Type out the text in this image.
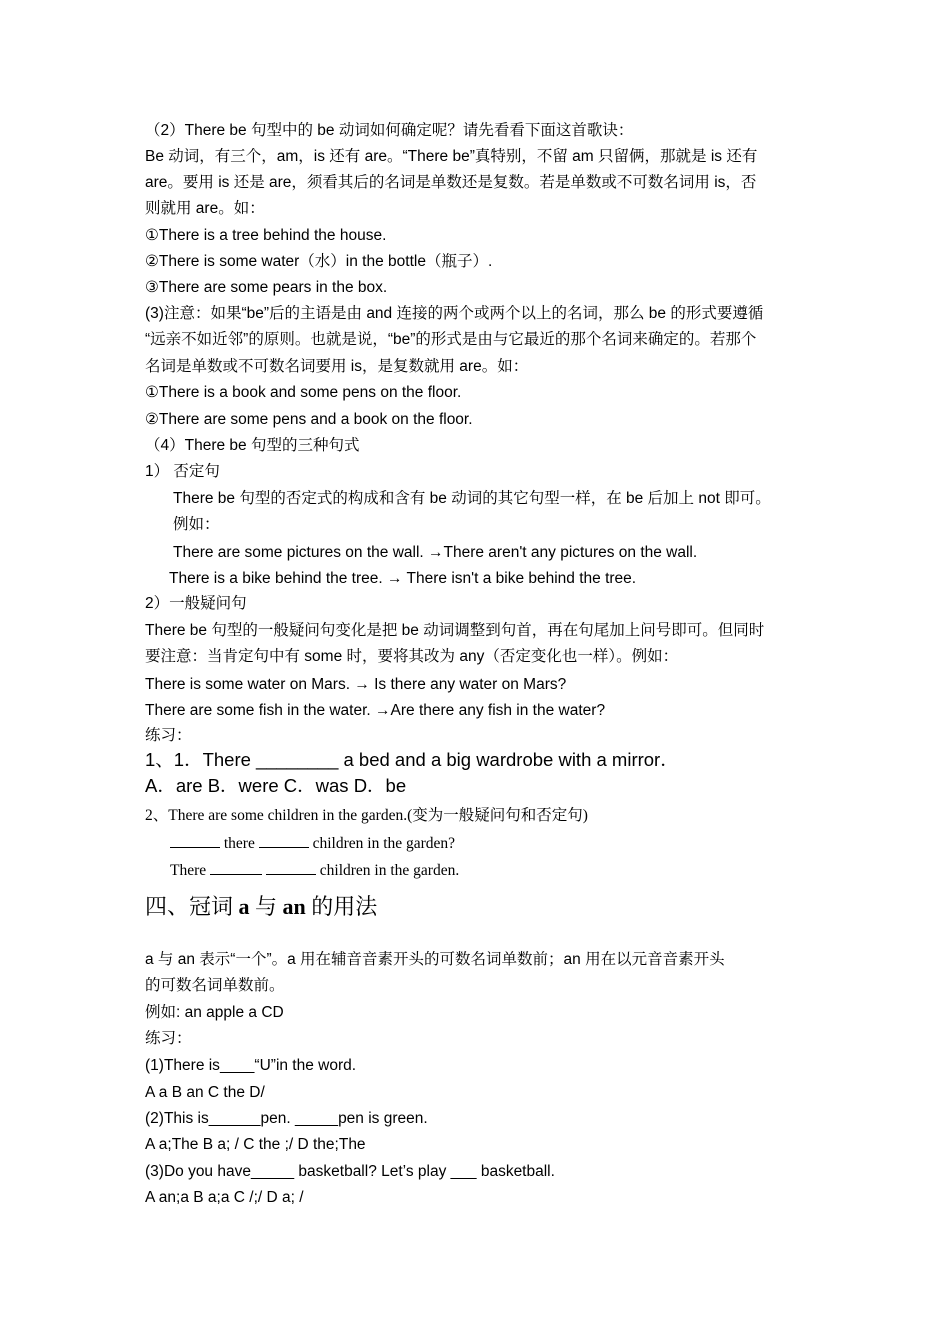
（2）There be 句型中的 be 动词如何确定呢？请先看看下面这首歌诀：

Be 动词，有三个，am，is 还有 are。“There be”真特别，不留 am 只留俩，那就是 is 还有

are。要用 is 还是 are，须看其后的名词是单数还是复数。若是单数或不可数名词用 is，否

则就用 are。如：

①There is a tree behind the house.

②There is some water（水）in the bottle（瓶子）.

③There are some pears in the box.

(3)注意：如果“be”后的主语是由 and 连接的两个或两个以上的名词，那么 be 的形式要遵循

“远亲不如近邻”的原则。也就是说，“be”的形式是由与它最近的那个名词来确定的。若那个

名词是单数或不可数名词要用 is，是复数就用 are。如：

①There is a book and some pens on the floor.

②There are some pens and a book on the floor.

（4）There be 句型的三种句式

1） 否定句

There be 句型的否定式的构成和含有 be 动词的其它句型一样，在 be 后加上 not 即可。

例如：

There are some pictures on the wall. →There aren't any pictures on the wall.

There is a bike behind the tree. → There isn't a bike behind the tree.

2）一般疑问句

There be 句型的一般疑问句变化是把 be 动词调整到句首，再在句尾加上问号即可。但同时

要注意：当肯定句中有 some 时，要将其改为 any（否定变化也一样）。例如：

There is some water on Mars. → Is there any water on Mars?

There are some fish in the water. →Are there any fish in the water?

练习：

1、1．There ________ a bed and a big wardrobe with a mirror．

A．are B．were C．was D．be

2、There are some children in the garden.(变为一般疑问句和否定句)

there	children in the garden?

There	children in the garden.

四、冠词 a 与 an 的用法

a 与 an 表示“一个”。a 用在辅音音素开头的可数名词单数前；an 用在以元音音素开头

的可数名词单数前。

例如: an apple a CD

练习：

(1)There is____“U”in the word.

A a B an C the D/

(2)This is______pen. _____pen is green.

A a;The B a; / C the ;/ D the;The

(3)Do you have_____ basketball? Let’s play ___ basketball.

A an;a B a;a C /;/ D a; /
